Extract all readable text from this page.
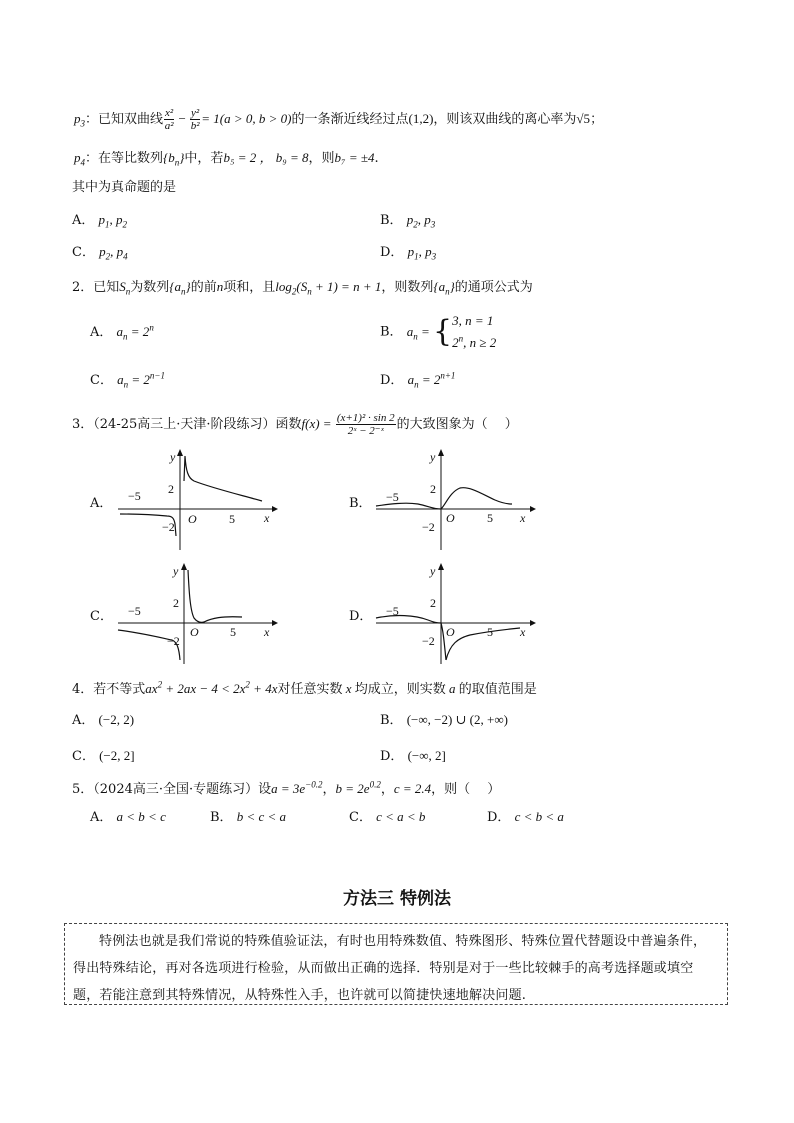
$p_3$：已知双曲线 $\frac{\text{x²}}{\text{a²}} - \frac{\text{y²}}{\text{b²}} = 1(a > 0$, b > 0)的一条渐近线经过点(1,2)，则该双曲线的离心率为√5；
$p_4$：在等比数列$\{b_n\}$中，若b₅ = 2 ， b₉ = 8，则b₇ = ±4.
其中为真命题的是
A． $p_1$, $p_2$	B． $p_2$, $p_3$
C． $p_2$, $p_4$	D． $p_1$, $p_3$
2．已知$S_n$为数列$\{a_n\}$的前n项和，且$\log_2(S_n + 1) = n + 1$，则数列$\{a_n\}$的通项公式为
A． $a_n = 2^n$	B． $a_n$ = { 3, n = 1
2$^n$, n ≥ 2
C． $a_n = 2^{n-1}$	D． $a_n = 2^{n+1}$
3．（24-25高三上·天津·阶段练习）函数$f(x) = \frac{\text{(x+1)² · sin 2}}{\text{2ˣ − 2⁻ˣ}}$ 的大致图象为（　 ）
A．	B．
C．	D．
y
x
O
2
−2
5
−5
y
x
O
2
−2
5
−5
y
x
O
2
−2
5
−5
y
x
O
2
−2
5
−5
4．若不等式$ax^2 + 2ax - 4 < 2x^2 + 4x$对任意实数 x 均成立，则实数 a 的取值范围是
A． (−2, 2)	B． (−∞, −2) ∪ (2, +∞)
C． (−2, 2]	D． (−∞, 2]
5．（2024高三·全国·专题练习）设$a = 3e^{-0.2}$，$b = 2e^{0.2}$，c = 2.4，则（　 ）
A． a < b < c	B． b < c < a	C． c < a < b	D． c < b < a
方法三 特例法

特例法也就是我们常说的特殊值验证法，有时也用特殊数值、特殊图形、特殊位置代替题设中普遍条件，得出特殊结论，再对各选项进行检验，从而做出正确的选择．特别是对于一些比较棘手的高考选择题或填空题，若能注意到其特殊情况，从特殊性入手，也许就可以简捷快速地解决问题.
